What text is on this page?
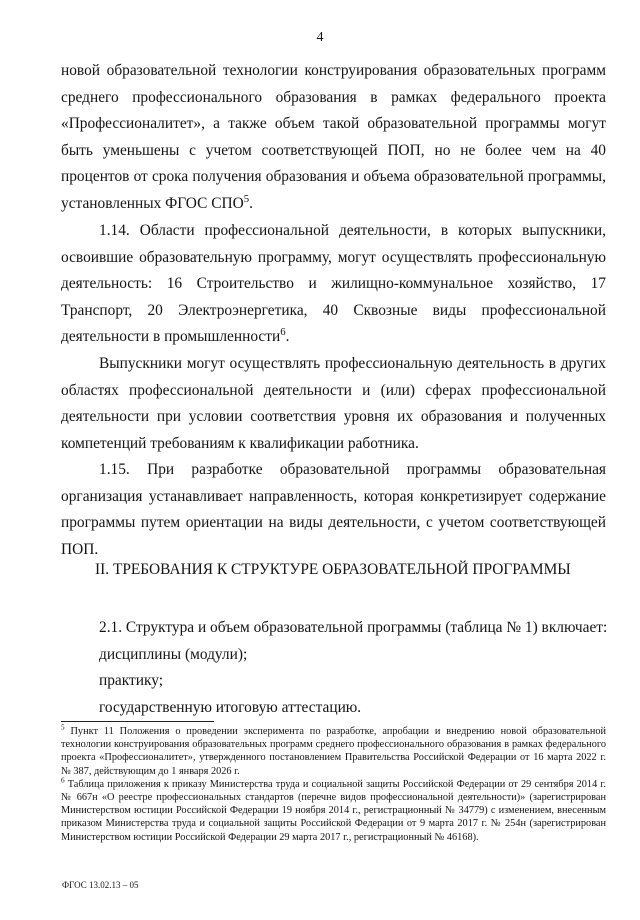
4

новой образовательной технологии конструирования образовательных программ среднего профессионального образования в рамках федерального проекта «Профессионалитет», а также объем такой образовательной программы могут быть уменьшены с учетом соответствующей ПОП, но не более чем на 40 процентов от срока получения образования и объема образовательной программы, установленных ФГОС СПО$^5$.

1.14. Области профессиональной деятельности, в которых выпускники, освоившие образовательную программу, могут осуществлять профессиональную деятельность: 16 Строительство и жилищно-коммунальное хозяйство, 17 Транспорт, 20 Электроэнергетика, 40 Сквозные виды профессиональной деятельности в промышленности$^6$.

Выпускники могут осуществлять профессиональную деятельность в других областях профессиональной деятельности и (или) сферах профессиональной деятельности при условии соответствия уровня их образования и полученных компетенций требованиям к квалификации работника.

1.15. При разработке образовательной программы образовательная организация устанавливает направленность, которая конкретизирует содержание программы путем ориентации на виды деятельности, с учетом соответствующей ПОП.

II. ТРЕБОВАНИЯ К СТРУКТУРЕ ОБРАЗОВАТЕЛЬНОЙ ПРОГРАММЫ
2.1. Структура и объем образовательной программы (таблица № 1) включает:
дисциплины (модули);
практику;
государственную итоговую аттестацию.

$^5$ Пункт 11 Положения о проведении эксперимента по разработке, апробации и внедрению новой образовательной технологии конструирования образовательных программ среднего профессионального образования в рамках федерального проекта «Профессионалитет», утвержденного постановлением Правительства Российской Федерации от 16 марта 2022 г. № 387, действующим до 1 января 2026 г.

$^6$ Таблица приложения к приказу Министерства труда и социальной защиты Российской Федерации от 29 сентября 2014 г. № 667н «О реестре профессиональных стандартов (перечне видов профессиональной деятельности)» (зарегистрирован Министерством юстиции Российской Федерации 19 ноября 2014 г., регистрационный № 34779) с изменением, внесенным приказом Министерства труда и социальной защиты Российской Федерации от 9 марта 2017 г. № 254н (зарегистрирован Министерством юстиции Российской Федерации 29 марта 2017 г., регистрационный № 46168).

ФГОС 13.02.13 – 05
